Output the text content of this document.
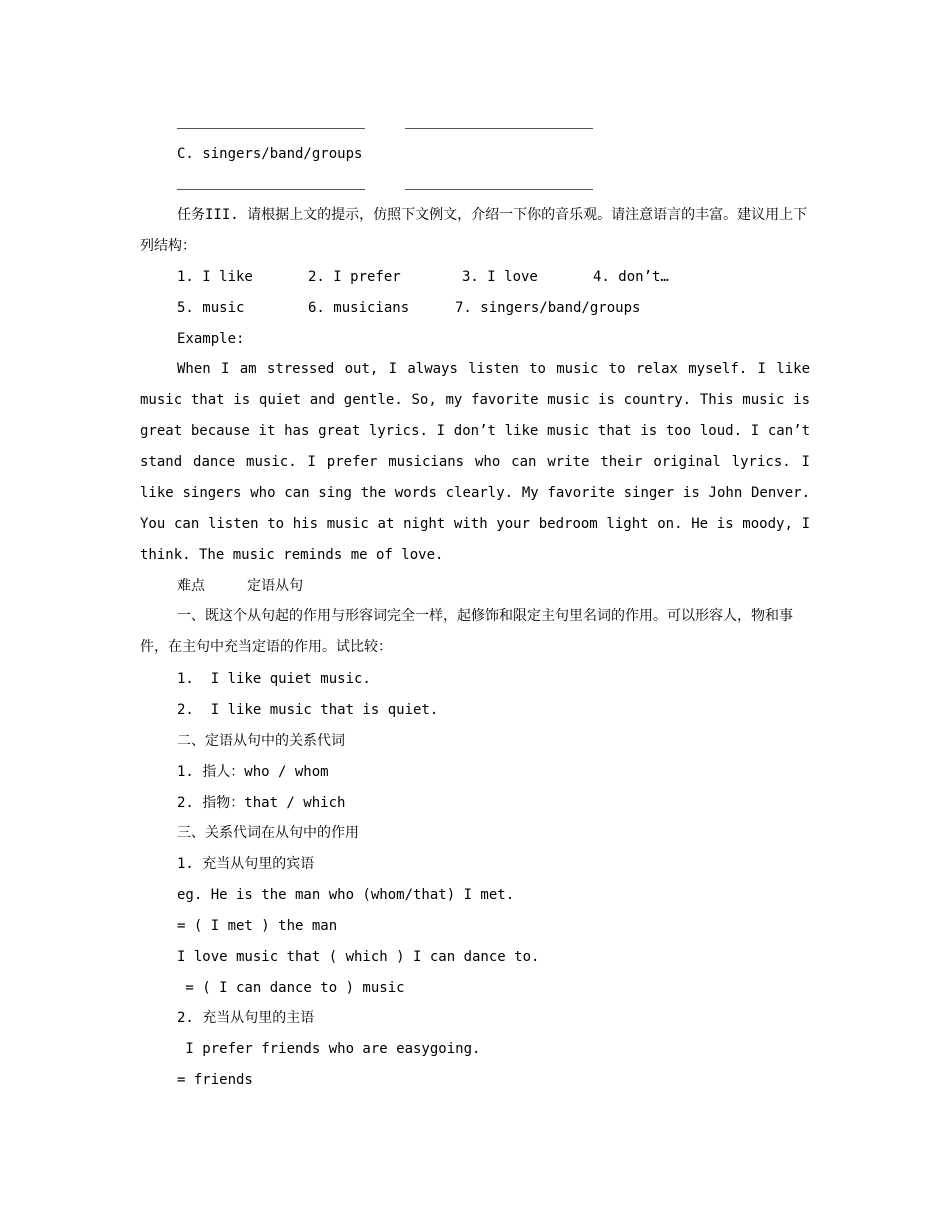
C. singers/band/groups

任务III. 请根据上文的提示，仿照下文例文，介绍一下你的音乐观。请注意语言的丰富。建议用上下列结构：

1. I like	2. I prefer	3. I love	4. don’t…
5. music	6. musicians	7. singers/band/groups
Example:

When I am stressed out, I always listen to music to relax myself. I like music that is quiet and gentle. So, my favorite music is country. This music is great because it has great lyrics. I don’t like music that is too loud. I can’t stand dance music. I prefer musicians who can write their original lyrics. I like singers who can sing the words clearly. My favorite singer is John Denver. You can listen to his music at night with your bedroom light on. He is moody, I think. The music reminds me of love.

难点     定语从句

一、既这个从句起的作用与形容词完全一样，起修饰和限定主句里名词的作用。可以形容人，物和事件，在主句中充当定语的作用。试比较：

1.  I like quiet music.
2.  I like music that is quiet.
二、定语从句中的关系代词
1. 指人：who / whom
2. 指物：that / which
三、关系代词在从句中的作用
1. 充当从句里的宾语
eg. He is the man who (whom/that) I met.
= ( I met ) the man
I love music that ( which ) I can dance to.
= ( I can dance to ) music
2. 充当从句里的主语
I prefer friends who are easygoing.
= friends
